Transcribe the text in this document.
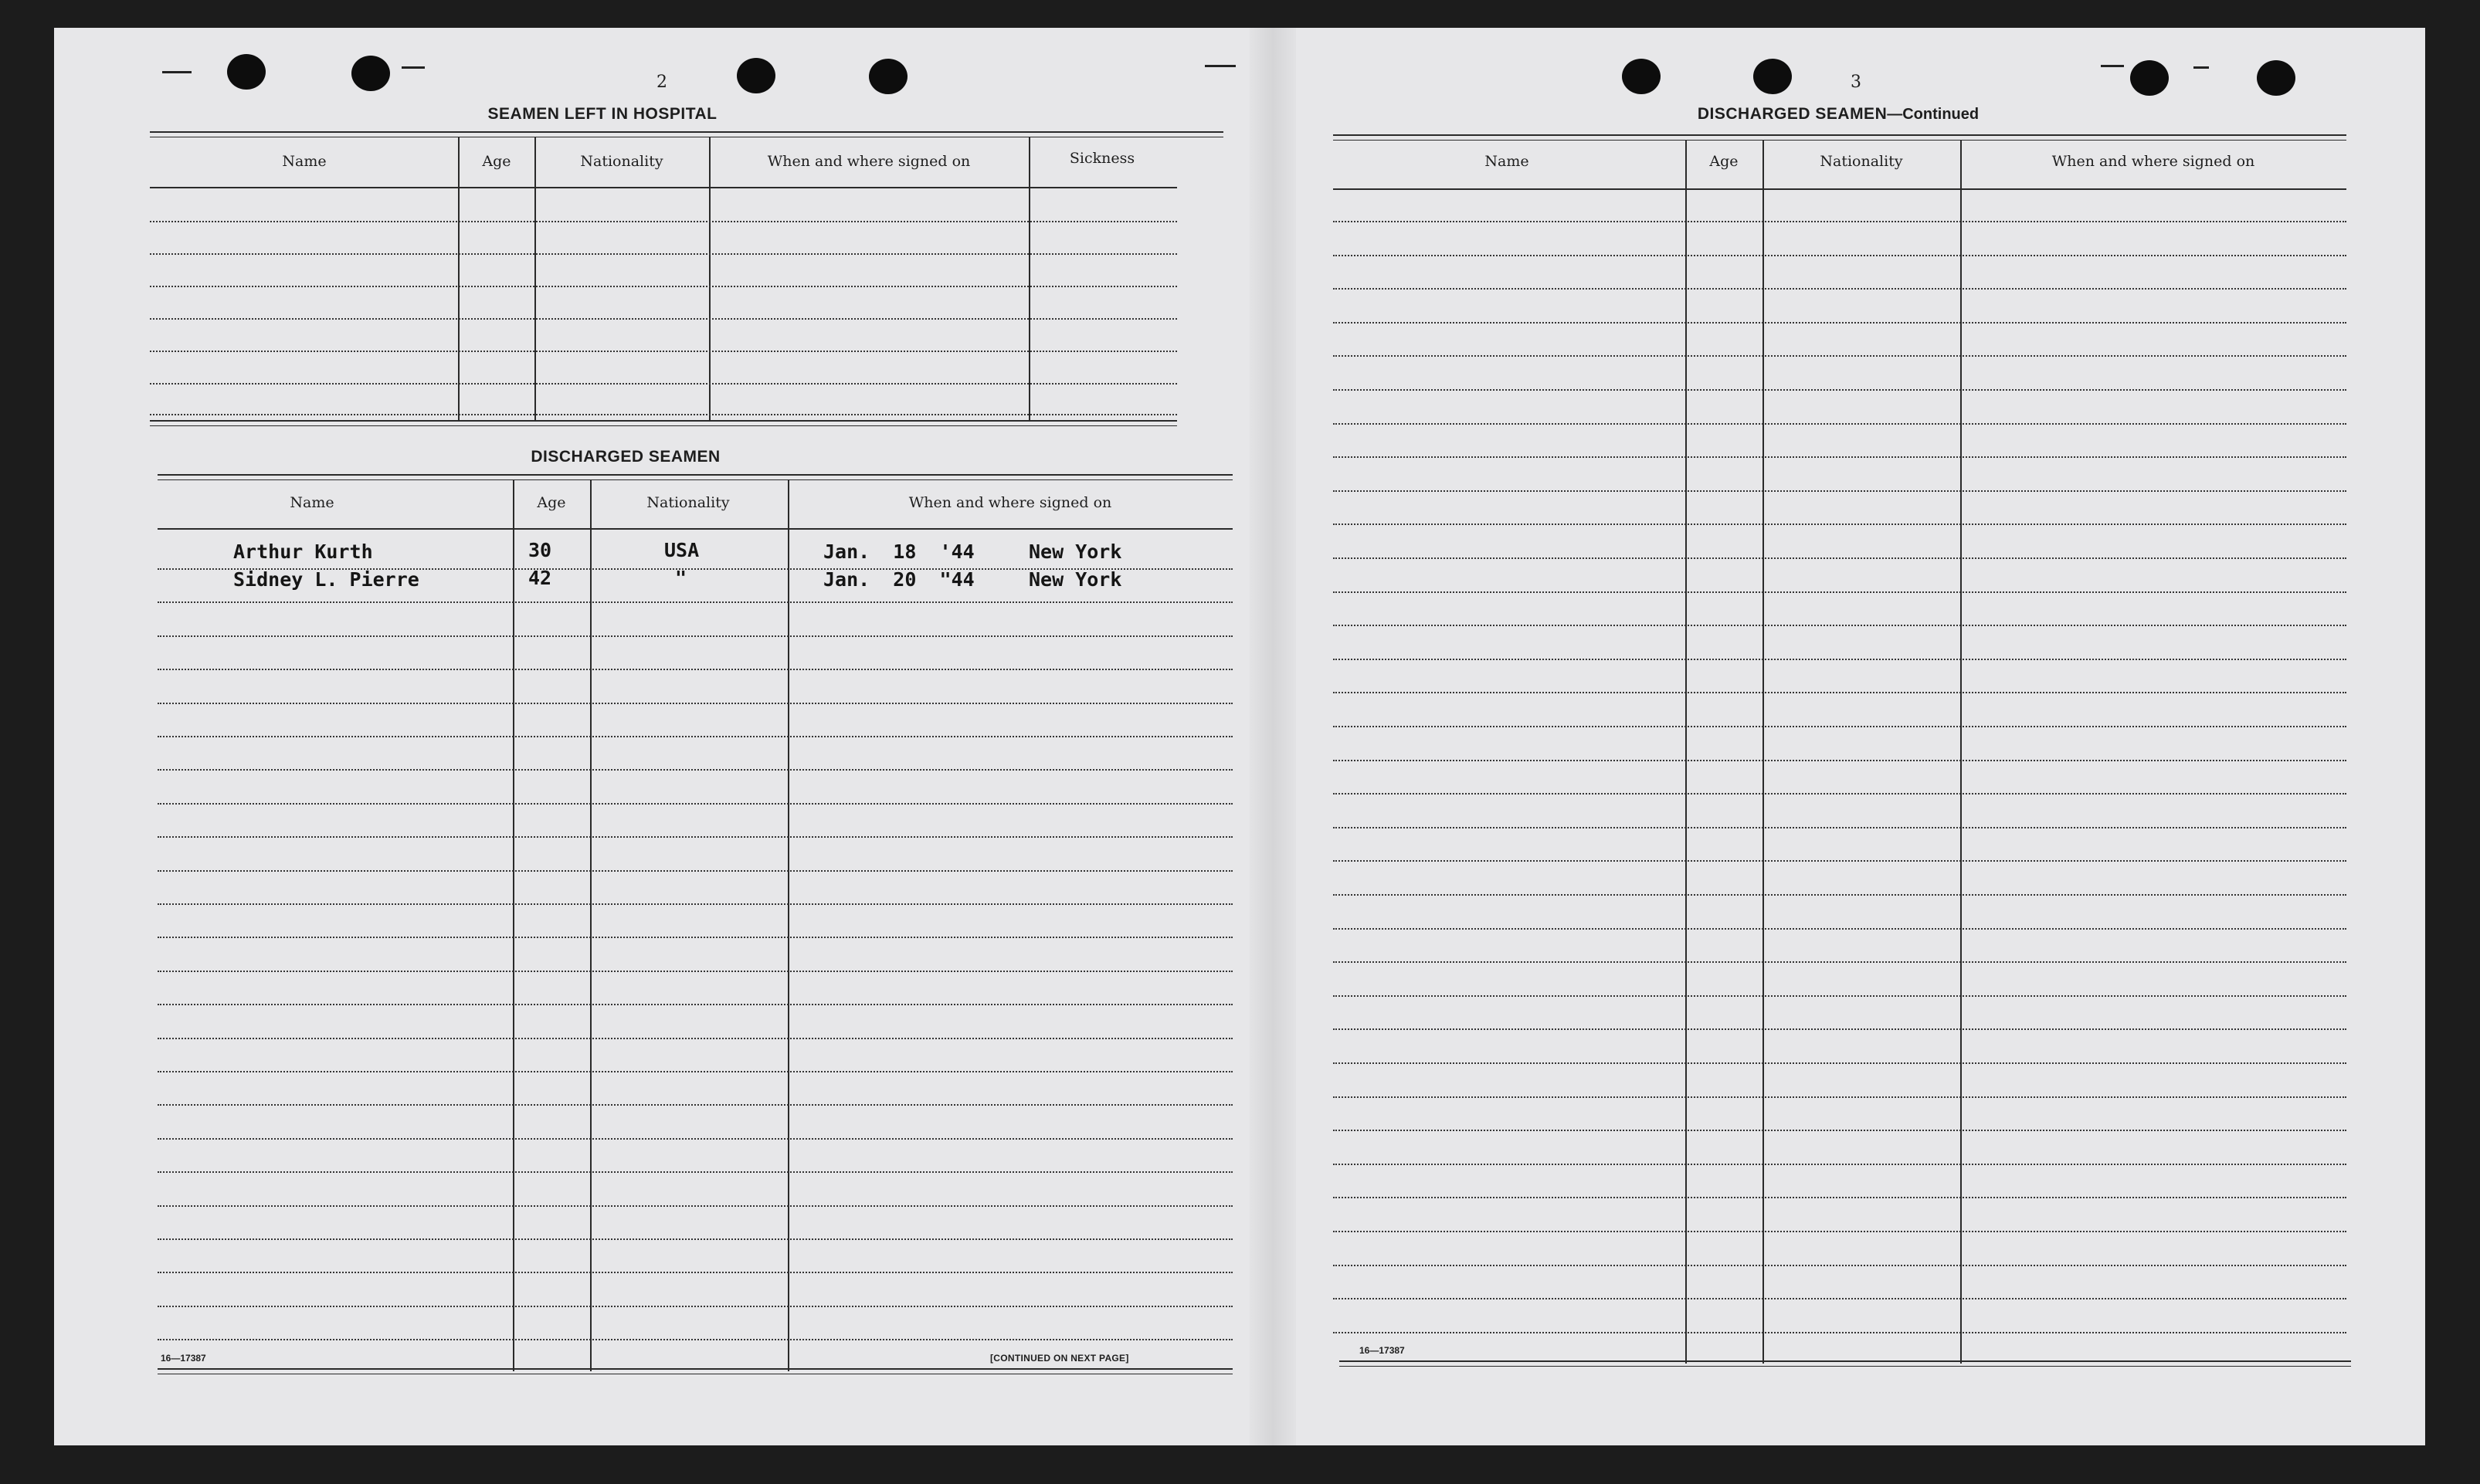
2
SEAMEN LEFT IN HOSPITAL
Name	Age	Nationality	When and where signed on	Sickness
DISCHARGED SEAMEN
Name	Age	Nationality	When and where signed on
Arthur Kurth	30	USA	Jan.  18  '44	New York
Sidney L. Pierre	42	"	Jan.  20  "44	New York
16—17387	[CONTINUED ON NEXT PAGE]
3
DISCHARGED SEAMEN—Continued
Name	Age	Nationality	When and where signed on
16—17387
